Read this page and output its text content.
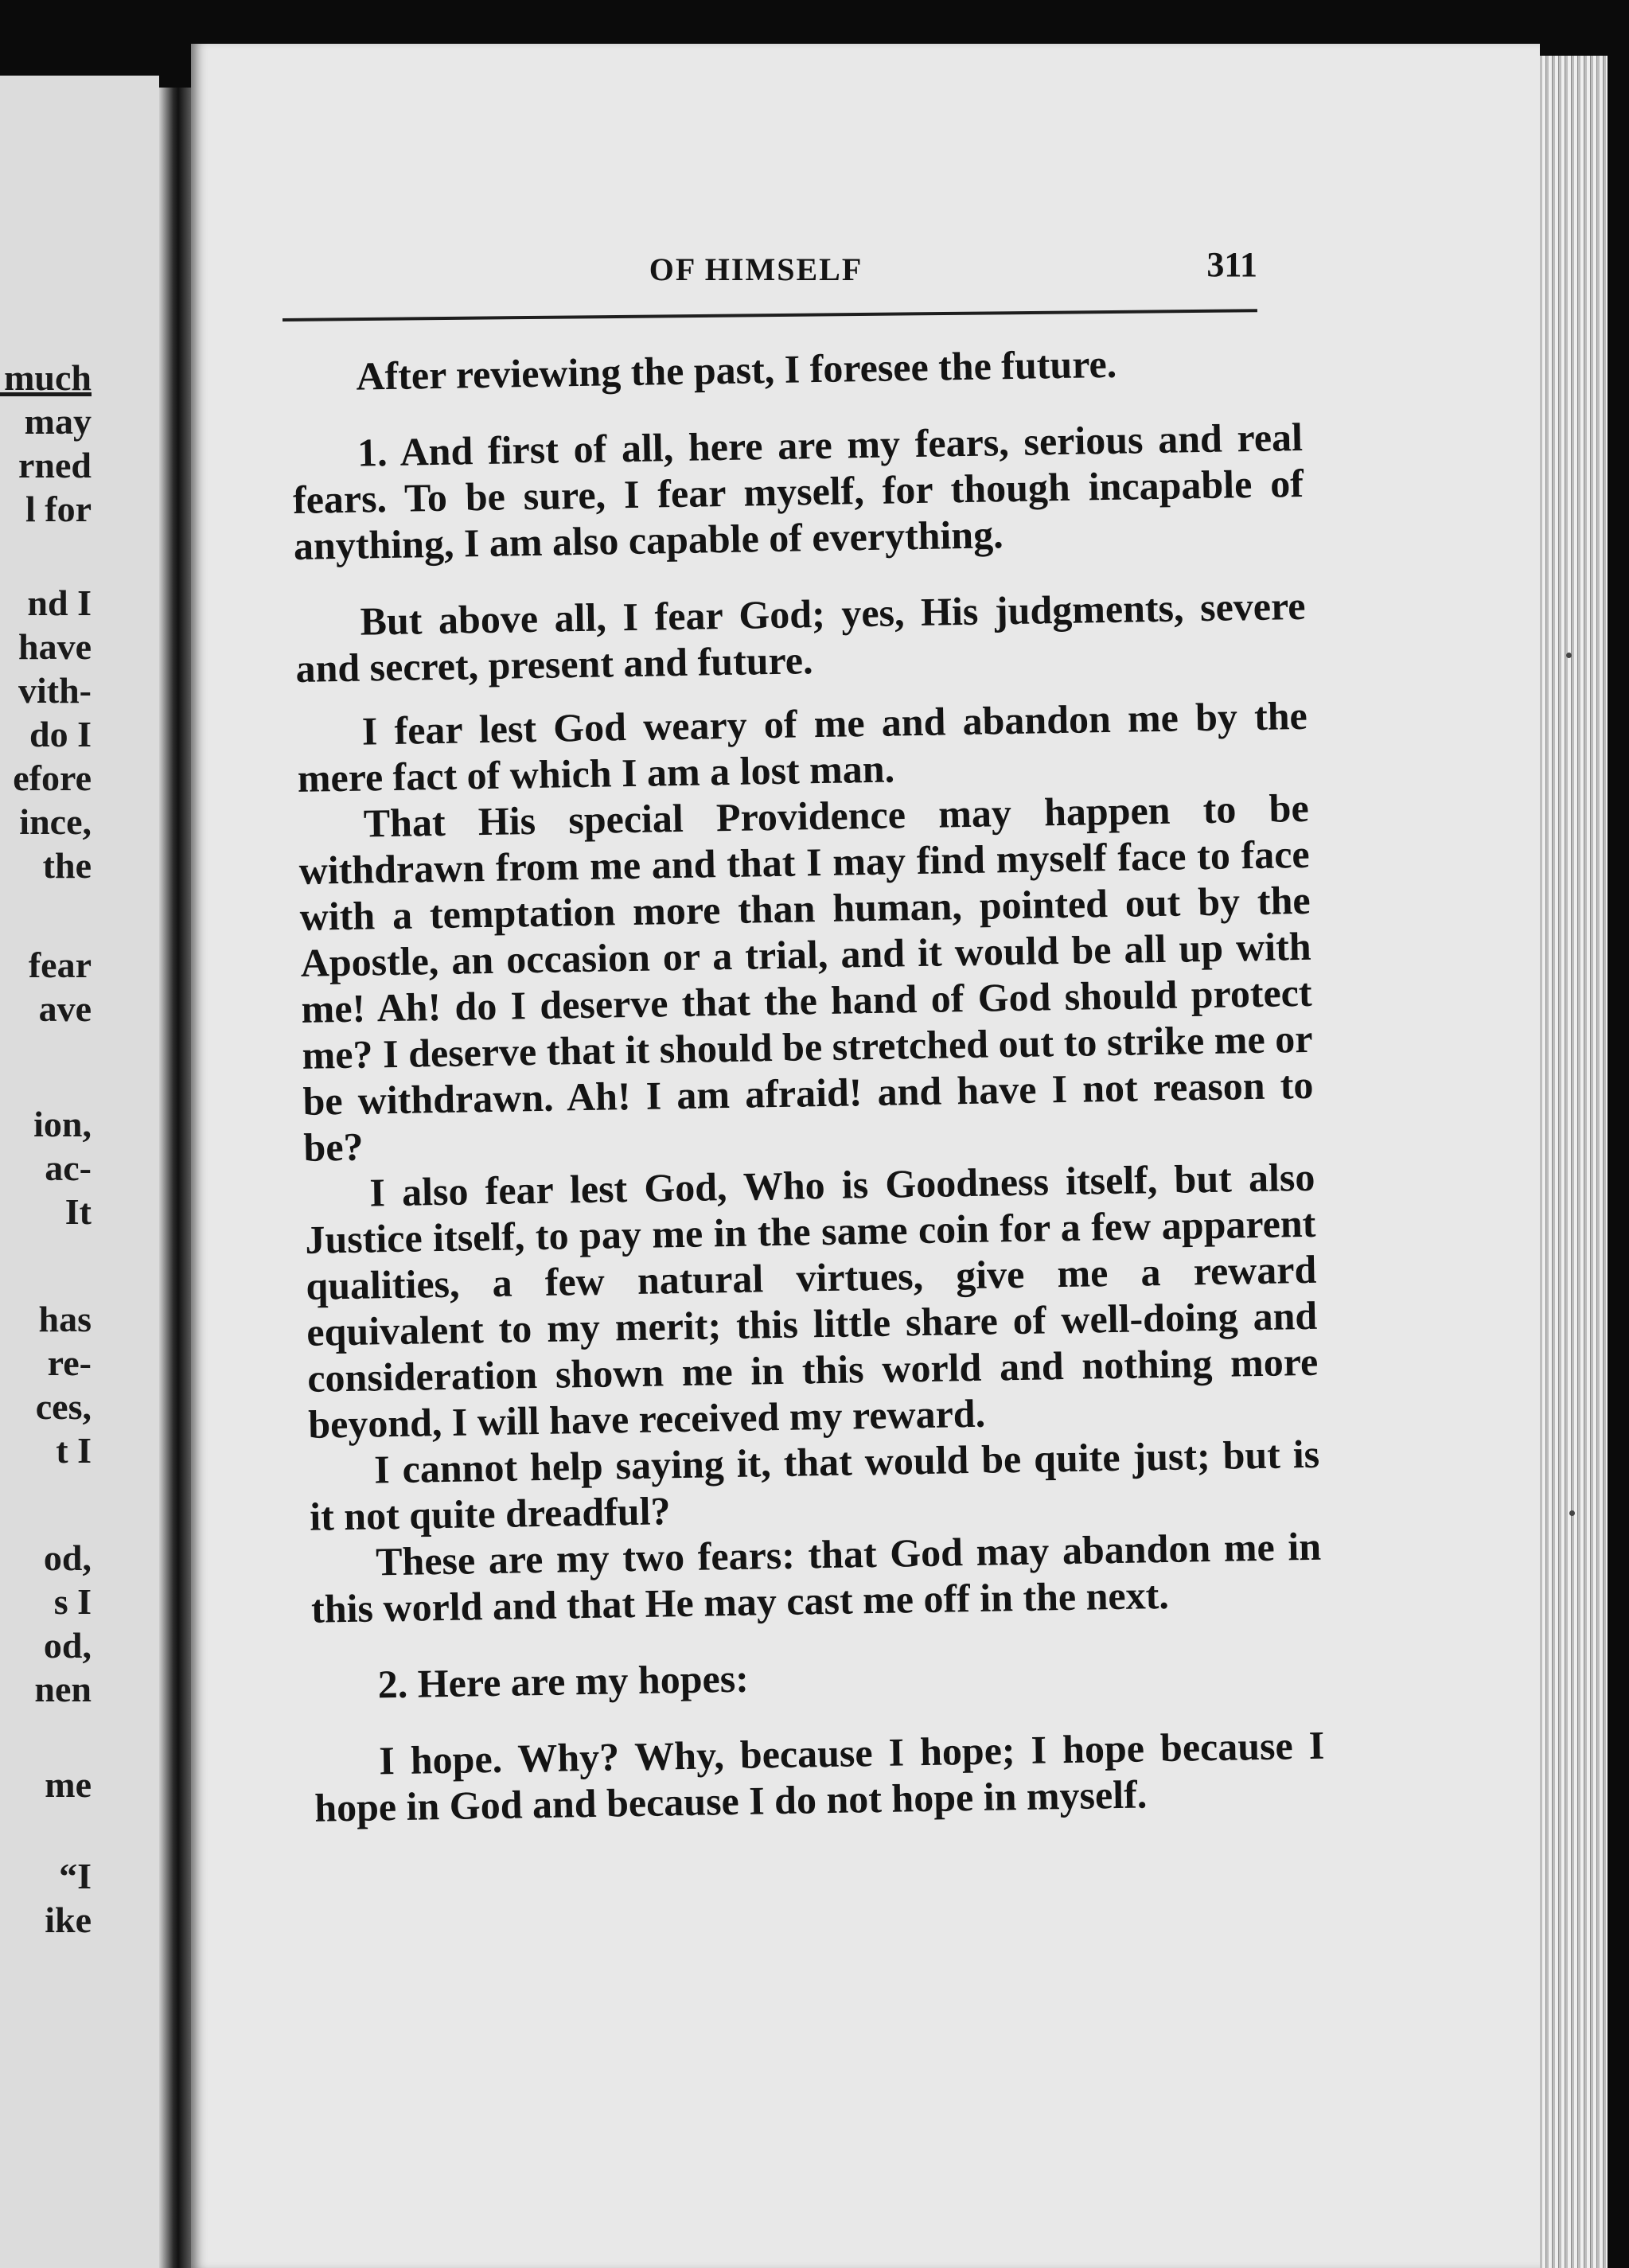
much
may
rned
l for
nd I
have
vith-
do I
efore
ince,
the
fear
ave
ion,
ac-
It
has
re-
ces,
t I
od,
s I
od,
nen
me
“I
ike
OF HIMSELF	311

After reviewing the past, I foresee the future.

1. And first of all, here are my fears, serious and real fears. To be sure, I fear myself, for though incapable of anything, I am also capable of everything.

But above all, I fear God; yes, His judgments, severe and secret, present and future.

I fear lest God weary of me and abandon me by the mere fact of which I am a lost man.

That His special Providence may happen to be withdrawn from me and that I may find myself face to face with a temptation more than human, pointed out by the Apostle, an occasion or a trial, and it would be all up with me! Ah! do I deserve that the hand of God should protect me? I deserve that it should be stretched out to strike me or be withdrawn. Ah! I am afraid! and have I not reason to be?

I also fear lest God, Who is Goodness itself, but also Justice itself, to pay me in the same coin for a few apparent qualities, a few natural virtues, give me a reward equivalent to my merit; this little share of well-doing and consideration shown me in this world and nothing more beyond, I will have received my reward.

I cannot help saying it, that would be quite just; but is it not quite dreadful?

These are my two fears: that God may abandon me in this world and that He may cast me off in the next.

2. Here are my hopes:

I hope. Why? Why, because I hope; I hope because I hope in God and because I do not hope in myself.
